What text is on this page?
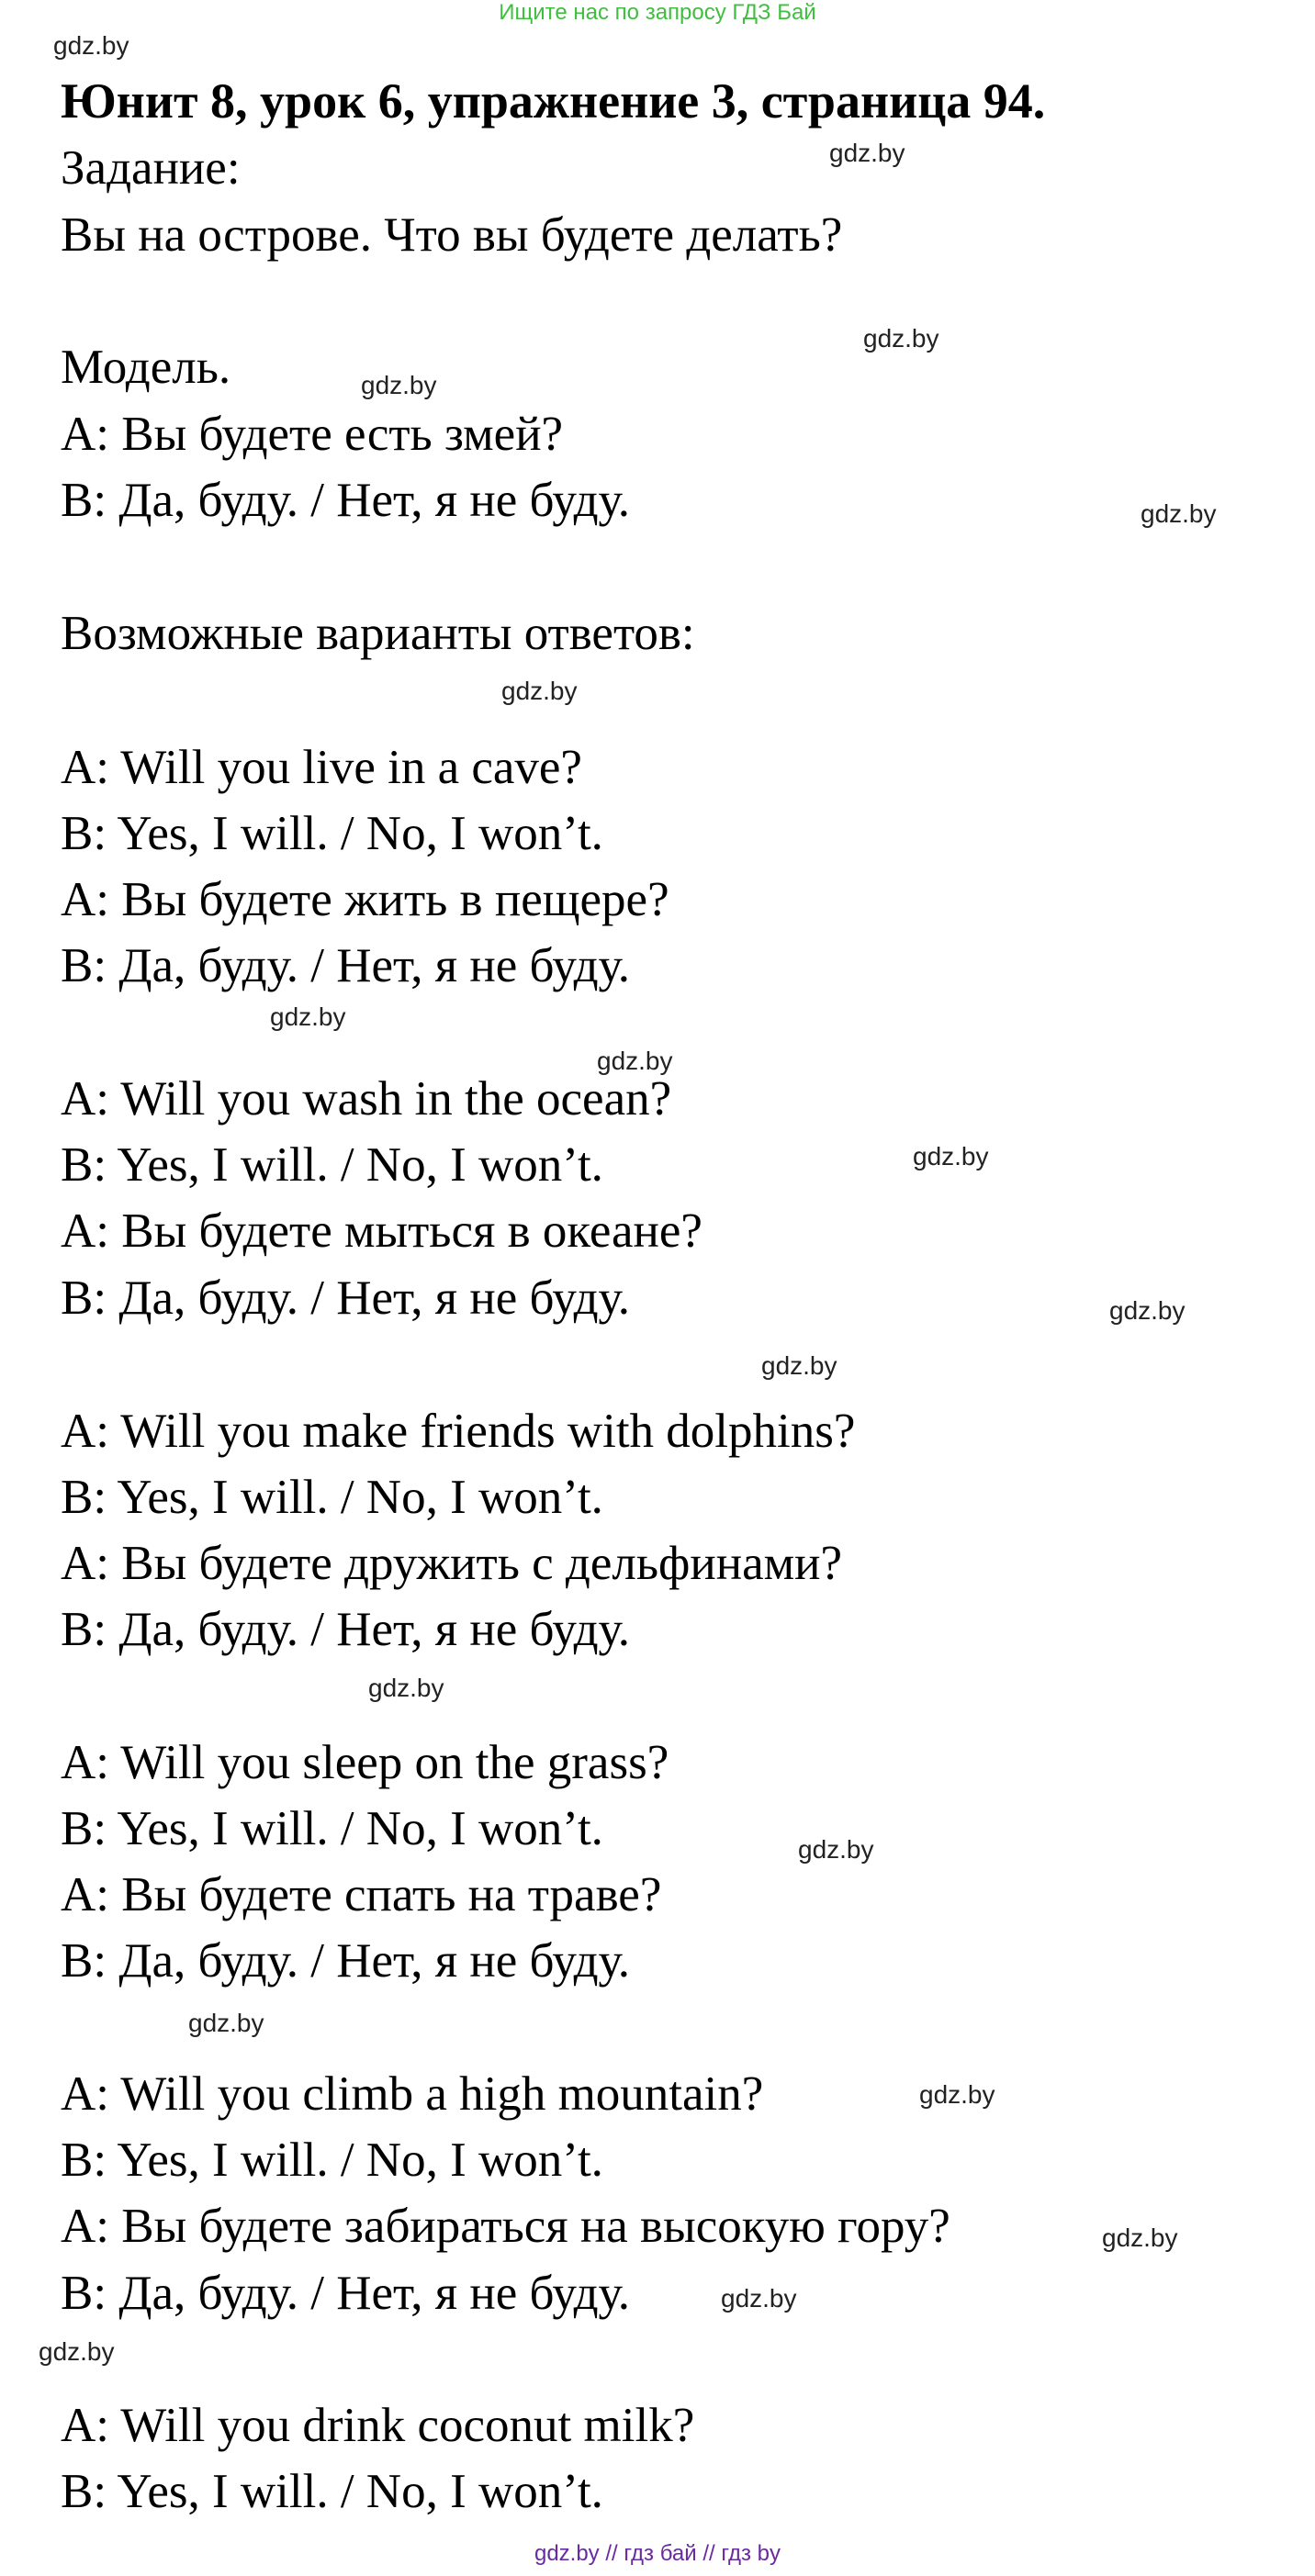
Ищите нас по запросу ГДЗ Бай
gdz.by
Юнит 8, урок 6, упражнение 3, страница 94.
Задание:	gdz.by
Вы на острове. Что вы будете делать?
gdz.by
Модель.	gdz.by
А: Вы будете есть змей?
В: Да, буду. / Нет, я не буду.	gdz.by
Возможные варианты ответов:
gdz.by
A: Will you live in a cave?
B: Yes, I will. / No, I won’t.
А: Вы будете жить в пещере?
В: Да, буду. / Нет, я не буду.
gdz.by
gdz.by
A: Will you wash in the ocean?
gdz.by
B: Yes, I will. / No, I won’t.
А: Вы будете мыться в океане?
В: Да, буду. / Нет, я не буду.	gdz.by
gdz.by
A: Will you make friends with dolphins?
B: Yes, I will. / No, I won’t.
А: Вы будете дружить с дельфинами?
В: Да, буду. / Нет, я не буду.
gdz.by
A: Will you sleep on the grass?
B: Yes, I will. / No, I won’t.	gdz.by
А: Вы будете спать на траве?
В: Да, буду. / Нет, я не буду.
gdz.by
A: Will you climb a high mountain?	gdz.by
B: Yes, I will. / No, I won’t.
А: Вы будете забираться на высокую гору?	gdz.by
В: Да, буду. / Нет, я не буду.	gdz.by
gdz.by
A: Will you drink coconut milk?
B: Yes, I will. / No, I won’t.
gdz.by // гдз бай // гдз by
